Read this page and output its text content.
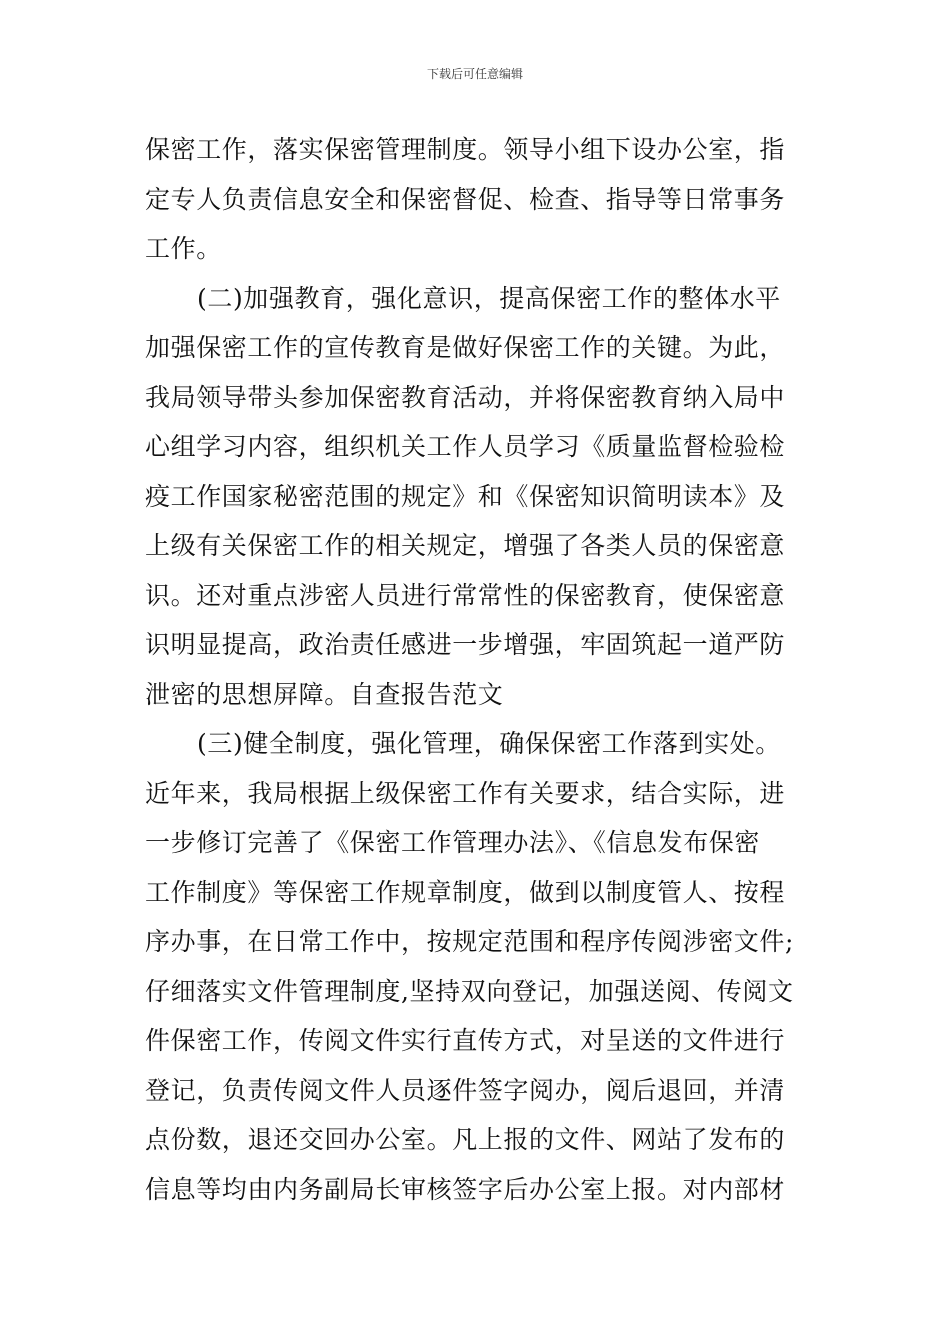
下载后可任意编辑
保密工作，落实保密管理制度。领导小组下设办公室，指
定专人负责信息安全和保密督促、检查、指导等日常事务
工作。
(二)加强教育，强化意识，提高保密工作的整体水平
加强保密工作的宣传教育是做好保密工作的关键。为此，
我局领导带头参加保密教育活动，并将保密教育纳入局中
心组学习内容，组织机关工作人员学习《质量监督检验检
疫工作国家秘密范围的规定》和《保密知识简明读本》及
上级有关保密工作的相关规定，增强了各类人员的保密意
识。还对重点涉密人员进行常常性的保密教育，使保密意
识明显提高，政治责任感进一步增强，牢固筑起一道严防
泄密的思想屏障。自查报告范文
(三)健全制度，强化管理，确保保密工作落到实处。
近年来，我局根据上级保密工作有关要求，结合实际，进
一步修订完善了《保密工作管理办法》、《信息发布保密
工作制度》等保密工作规章制度，做到以制度管人、按程
序办事，在日常工作中，按规定范围和程序传阅涉密文件;
仔细落实文件管理制度,坚持双向登记，加强送阅、传阅文
件保密工作，传阅文件实行直传方式，对呈送的文件进行
登记，负责传阅文件人员逐件签字阅办，阅后退回，并清
点份数，退还交回办公室。凡上报的文件、网站了发布的
信息等均由内务副局长审核签字后办公室上报。对内部材
